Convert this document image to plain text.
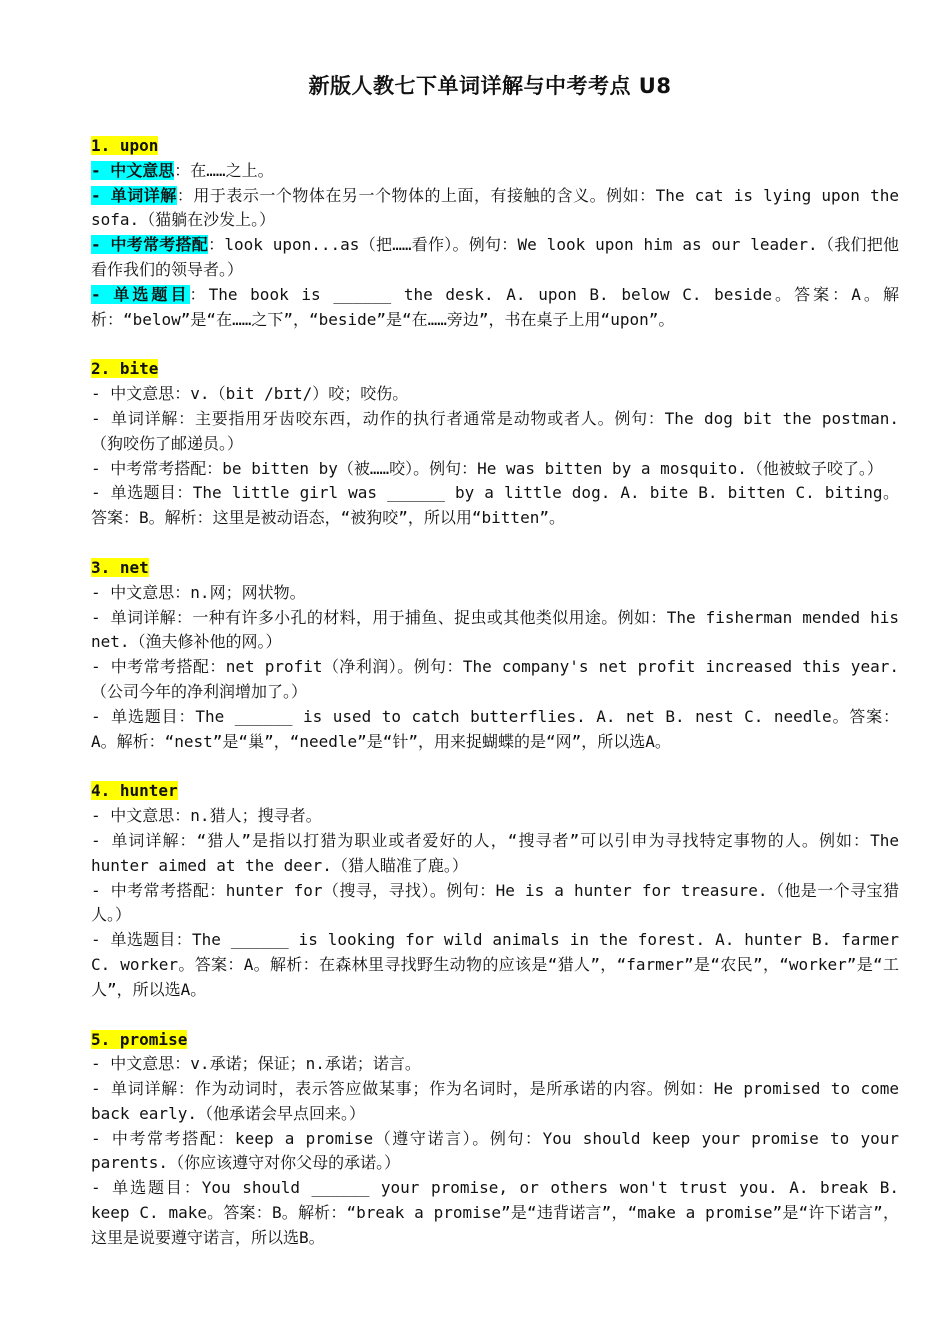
新版人教七下单词详解与中考考点 U8
1. upon
- 中文意思：在……之上。
- 单词详解：用于表示一个物体在另一个物体的上面，有接触的含义。例如：The cat is lying upon the sofa.（猫躺在沙发上。）
- 中考常考搭配：look upon...as（把……看作）。例句：We look upon him as our leader.（我们把他看作我们的领导者。）
- 单选题目：The book is ______ the desk. A. upon B. below C. beside。答案：A。解析：“below”是“在……之下”，“beside”是“在……旁边”，书在桌子上用“upon”。
2. bite
- 中文意思：v.（bit /bɪt/）咬；咬伤。
- 单词详解：主要指用牙齿咬东西，动作的执行者通常是动物或者人。例句：The dog bit the postman.（狗咬伤了邮递员。）
- 中考常考搭配：be bitten by（被……咬）。例句：He was bitten by a mosquito.（他被蚊子咬了。）
- 单选题目：The little girl was ______ by a little dog. A. bite B. bitten C. biting。答案：B。解析：这里是被动语态，“被狗咬”，所以用“bitten”。
3. net
- 中文意思：n.网；网状物。
- 单词详解：一种有许多小孔的材料，用于捕鱼、捉虫或其他类似用途。例如：The fisherman mended his net.（渔夫修补他的网。）
- 中考常考搭配：net profit（净利润）。例句：The company's net profit increased this year.（公司今年的净利润增加了。）
- 单选题目：The ______ is used to catch butterflies. A. net B. nest C. needle。答案：A。解析：“nest”是“巢”，“needle”是“针”，用来捉蝴蝶的是“网”，所以选A。
4. hunter
- 中文意思：n.猎人；搜寻者。
- 单词详解：“猎人”是指以打猎为职业或者爱好的人，“搜寻者”可以引申为寻找特定事物的人。例如：The hunter aimed at the deer.（猎人瞄准了鹿。）
- 中考常考搭配：hunter for（搜寻，寻找）。例句：He is a hunter for treasure.（他是一个寻宝猎人。）
- 单选题目：The ______ is looking for wild animals in the forest. A. hunter B. farmer C. worker。答案：A。解析：在森林里寻找野生动物的应该是“猎人”，“farmer”是“农民”，“worker”是“工人”，所以选A。
5. promise
- 中文意思：v.承诺；保证；n.承诺；诺言。
- 单词详解：作为动词时，表示答应做某事；作为名词时，是所承诺的内容。例如：He promised to come back early.（他承诺会早点回来。）
- 中考常考搭配：keep a promise（遵守诺言）。例句：You should keep your promise to your parents.（你应该遵守对你父母的承诺。）
- 单选题目：You should ______ your promise, or others won't trust you. A. break B. keep C. make。答案：B。解析：“break a promise”是“违背诺言”，“make a promise”是“许下诺言”，这里是说要遵守诺言，所以选B。
